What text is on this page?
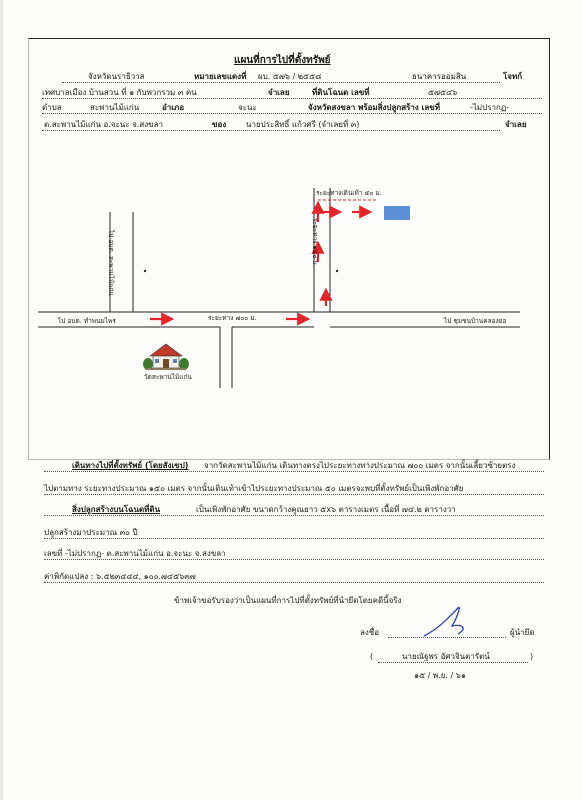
แผนที่การไปที่ตั้งทรัพย์
จังหวัดนราธิวาส	หมายเลขแดงที่ ผบ. ๕๗๖ / ๒๕๕๘	ธนาคารออมสิน	โจทก์
เทศบาลเมือง บ้านสวน ที่ ๑ กับพวกรวม ๓ คน	จำเลย	ที่ดินโฉนด เลขที่	๕๗๕๔๖
ตำบล	สะพานไม้แก่น	อำเภอ	จะนะ	จังหวัดสงขลา พร้อมสิ่งปลูกสร้าง เลขที่	-ไม่ปรากฏ-
ต.สะพานไม้แก่น อ.จะนะ จ.สงขลา	ของ นายประสิทธิ์ แก้วศรี (จำเลยที่ ๓)	จำเลย
ไป อบต. ทำพนมไพร	ไป ชุมชนบ้านคลองยอ
ไป อบต. สะพานไม้แก่น
ระยะทาง ๗๐๐ ม.
ระยะทาง ๑๕๐ ม.
ระยะทางเดินเท้า ๕๐ ม.
วัดสะพานไม้แก่น
เดินทางไปที่ตั้งทรัพย์ (โดยสังเขป) จากวัดสะพานไม้แก่น เดินทางตรงไประยะทางทางประมาณ ๗๐๐ เมตร จากนั้นเลี้ยวซ้ายตรง
ไปตามทาง ระยะทางประมาณ ๑๕๐ เมตร จากนั้นเดินเท้าเข้าไประยะทางประมาณ ๕๐ เมตรจะพบที่ตั้งทรัพย์เป็นเพิงพักอาศัย
สิ่งปลูกสร้างบนโฉนดที่ดิน	เป็นเพิงพักอาศัย ขนาดกว้างคูณยาว ๕x๖ ตารางเมตร เนื้อที่ ๗๔.๒ ตารางวา
ปลูกสร้างมาประมาณ ๓๐ ปี
เลขที่ -ไม่ปรากฏ- ต.สะพานไม้แก่น อ.จะนะ จ.สงขลา
ค่าพิกัดแปลง : ๖.๕๒๓๔๔๔, ๑๐๐.๗๔๕๖๓๗
ข้าพเจ้าขอรับรองว่าเป็นแผนที่การไปที่ตั้งทรัพย์ที่นำยึดโดยคดีนี้จริง
ลงชื่อ	ผู้นำยึด
(	นายณัฐพร อัศวจินดารัตน์	)
๑๕ / พ.ย. / ๖๑
